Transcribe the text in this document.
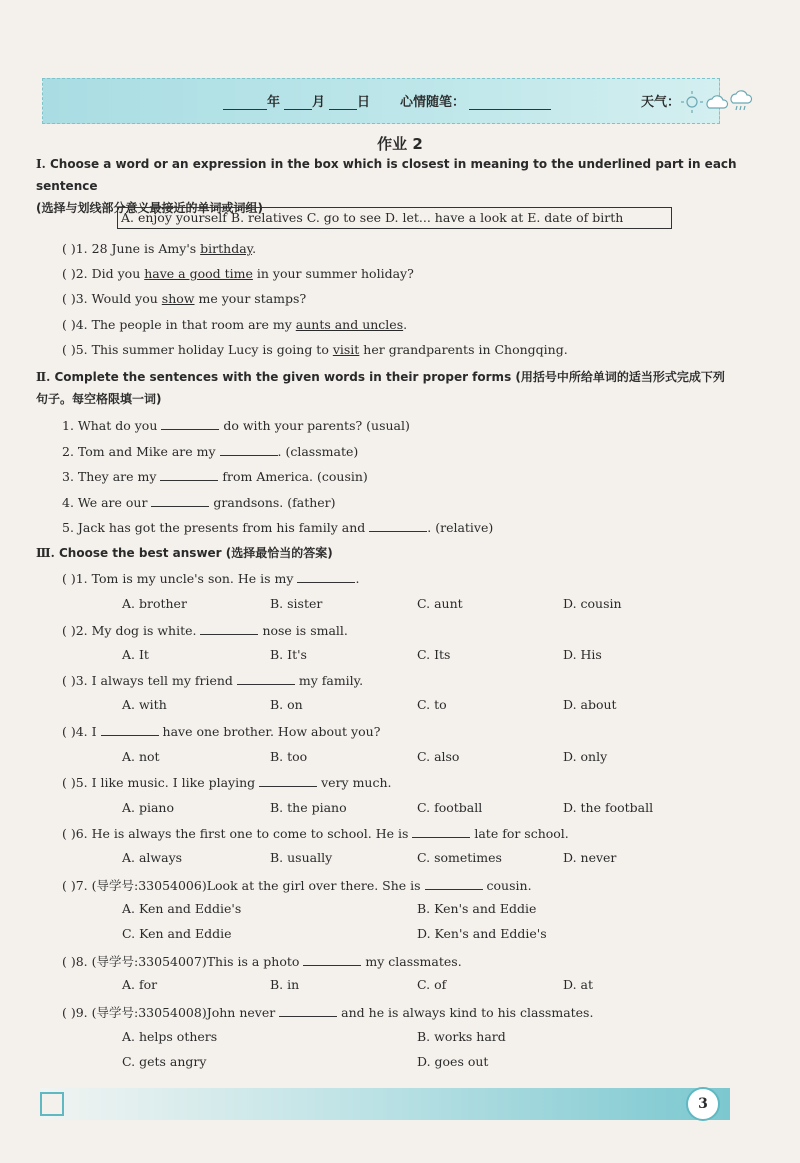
年 月 日 心情随笔：	天气：
作业 2
Ⅰ. Choose a word or an expression in the box which is closest in meaning to the underlined part in each sentence
(选择与划线部分意义最接近的单词或词组)
A. enjoy yourself B. relatives C. go to see D. let... have a look at E. date of birth
( )1. 28 June is Amy's birthday.
( )2. Did you have a good time in your summer holiday?
( )3. Would you show me your stamps?
( )4. The people in that room are my aunts and uncles.
( )5. This summer holiday Lucy is going to visit her grandparents in Chongqing.
Ⅱ. Complete the sentences with the given words in their proper forms (用括号中所给单词的适当形式完成下列
句子。每空格限填一词)
1. What do you	do with your parents? (usual)
2. Tom and Mike are my	. (classmate)
3. They are my	from America. (cousin)
4. We are our	grandsons. (father)
5. Jack has got the presents from his family and	. (relative)
Ⅲ. Choose the best answer (选择最恰当的答案)
( )1. Tom is my uncle's son. He is my	.
A. brother	B. sister	C. aunt	D. cousin
( )2. My dog is white.	nose is small.
A. It	B. It's	C. Its	D. His
( )3. I always tell my friend	my family.
A. with	B. on	C. to	D. about
( )4. I	have one brother. How about you?
A. not	B. too	C. also	D. only
( )5. I like music. I like playing	very much.
A. piano	B. the piano	C. football	D. the football
( )6. He is always the first one to come to school. He is	late for school.
A. always	B. usually	C. sometimes	D. never
( )7. (导学号:33054006)Look at the girl over there. She is	cousin.
A. Ken and Eddie's	B. Ken's and Eddie
C. Ken and Eddie	D. Ken's and Eddie's
( )8. (导学号:33054007)This is a photo	my classmates.
A. for	B. in	C. of	D. at
( )9. (导学号:33054008)John never	and he is always kind to his classmates.
A. helps others	B. works hard
C. gets angry	D. goes out
3
